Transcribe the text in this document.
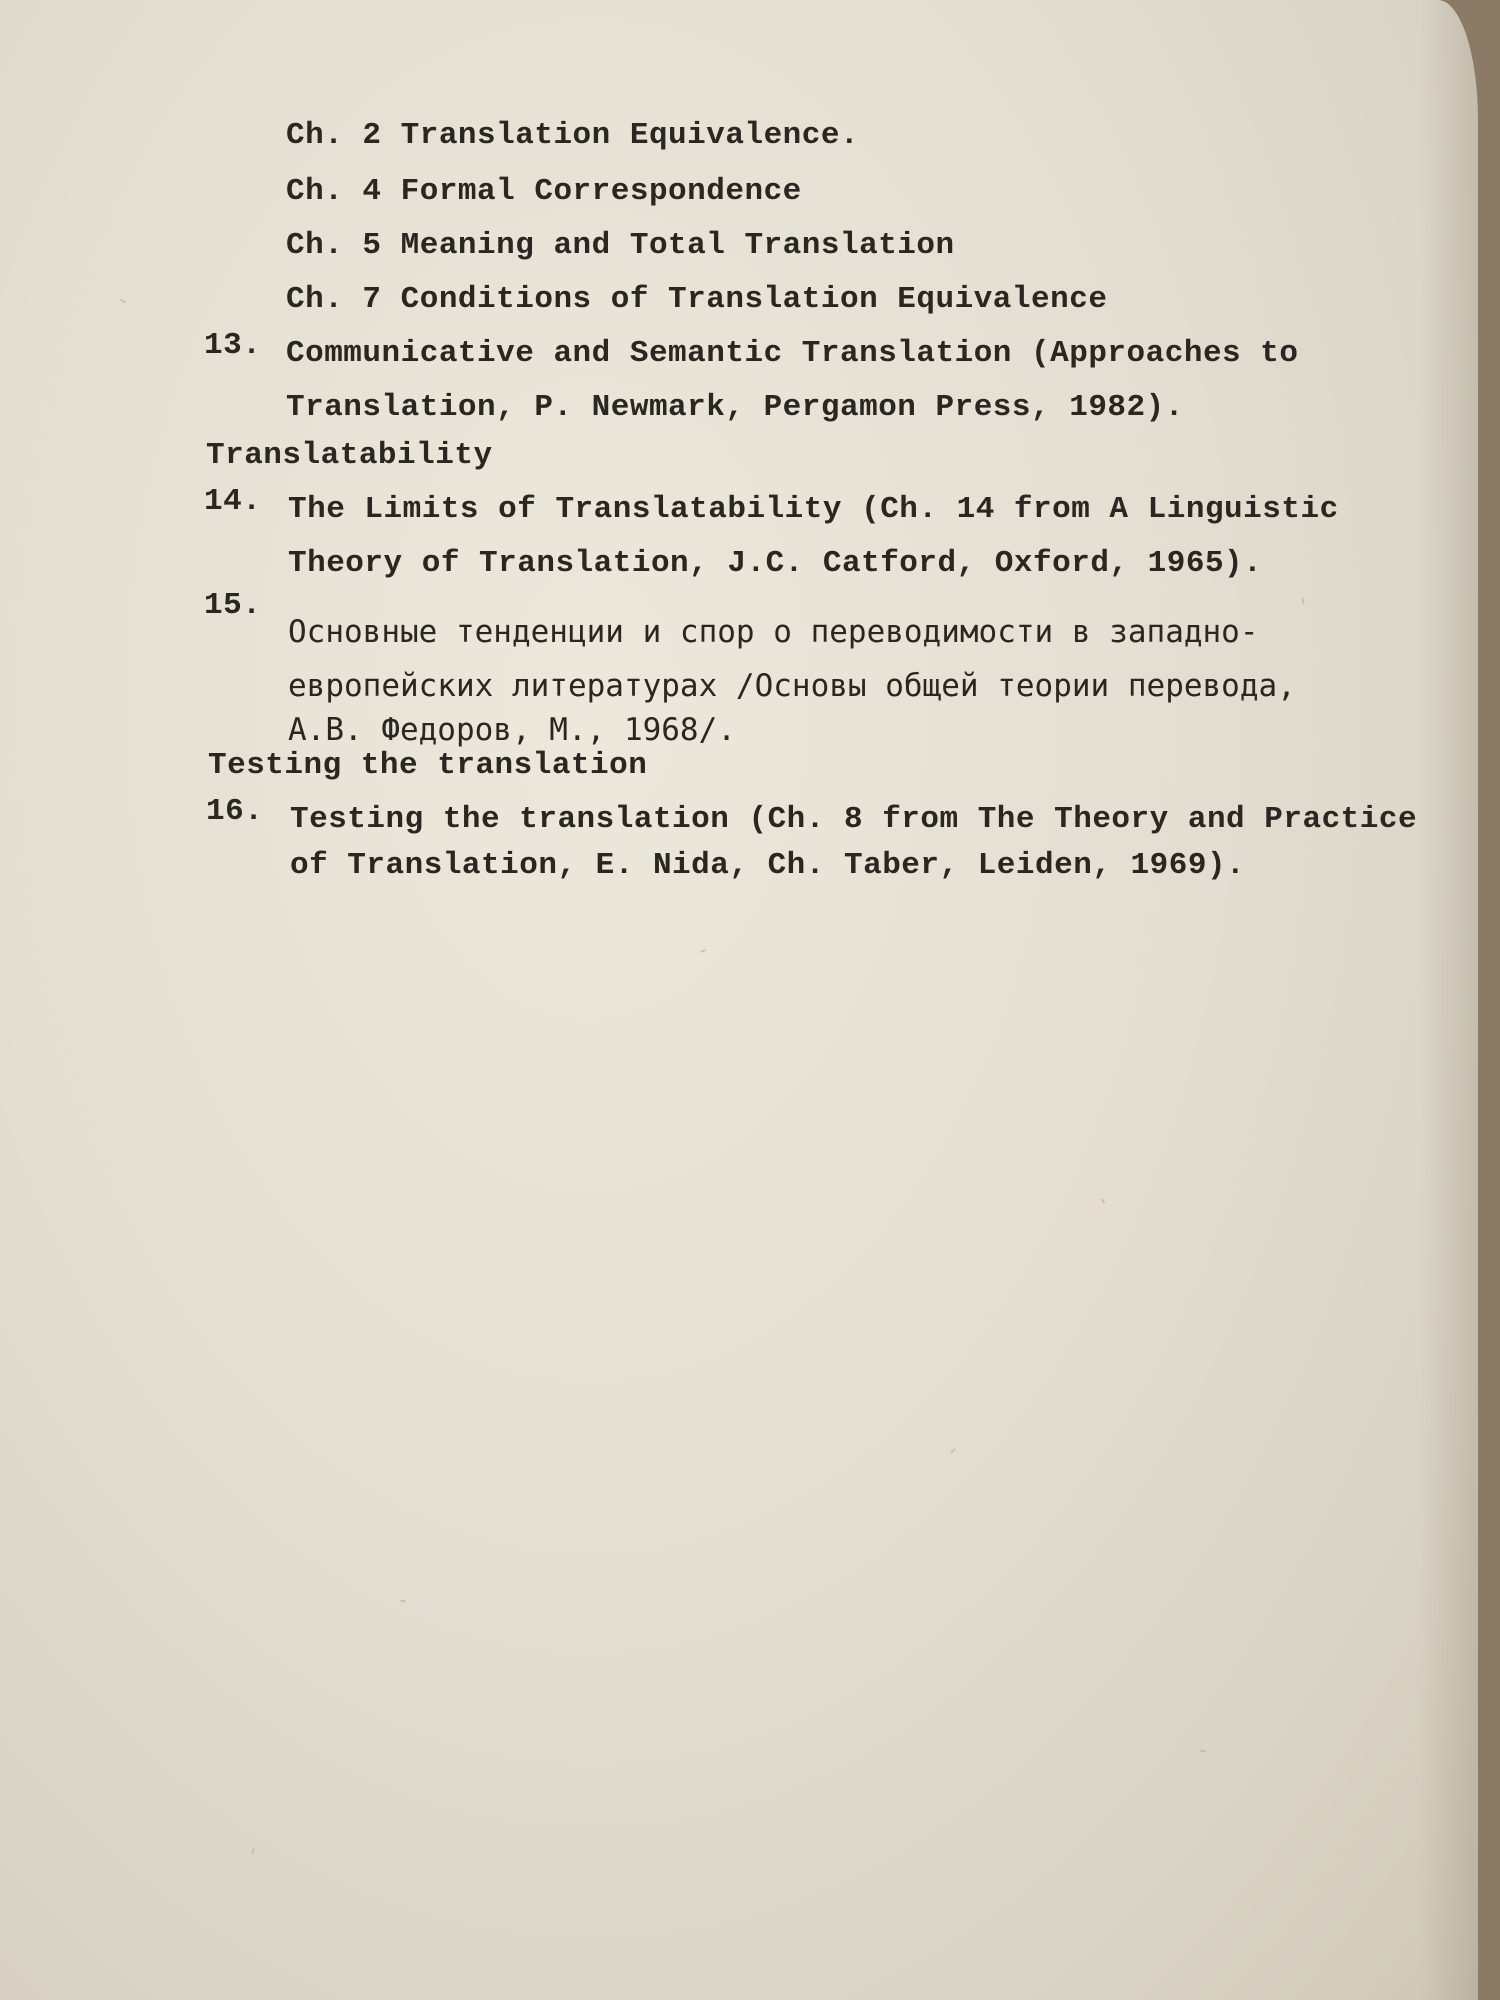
Ch. 2 Translation Equivalence.
Ch. 4 Formal Correspondence
Ch. 5 Meaning and Total Translation
Ch. 7 Conditions of Translation Equivalence
13. Communicative and Semantic Translation (Approaches to
Translation, P. Newmark, Pergamon Press, 1982).
Translatability
14. The Limits of Translatability (Ch. 14 from A Linguistic
Theory of Translation, J.C. Catford, Oxford, 1965).
15.
Основные тенденции и спор о переводимости в западно-
европейских литературах /Основы общей теории перевода,
А.В. Федоров, М., 1968/.
Testing the translation
16. Testing the translation (Ch. 8 from The Theory and Practice
of Translation, E. Nida, Ch. Taber, Leiden, 1969).
